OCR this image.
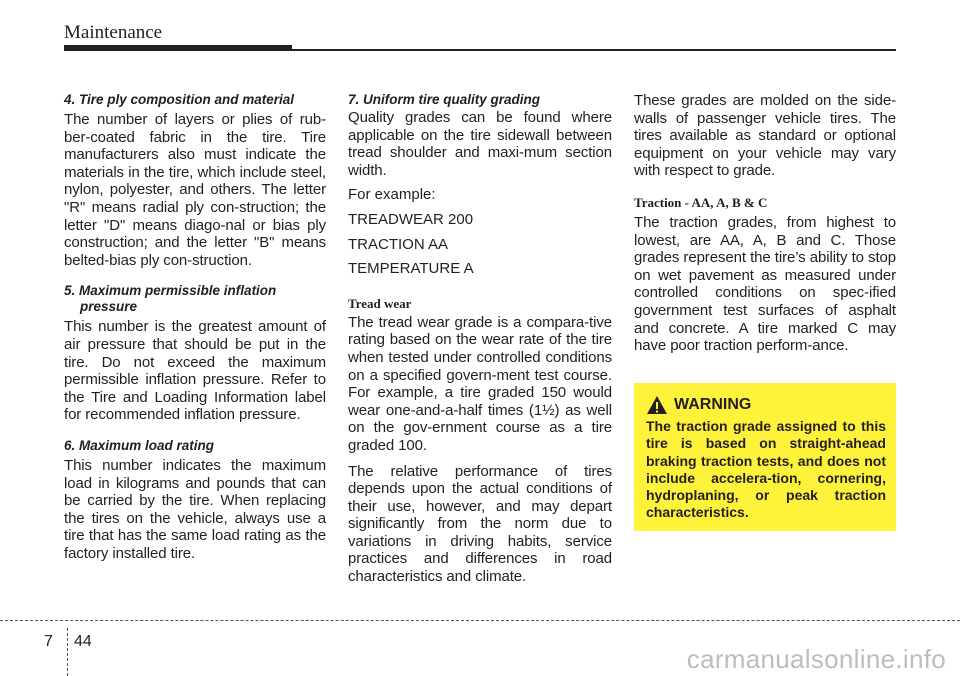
Maintenance
4. Tire ply composition and material

The number of layers or plies of rub-ber-coated fabric in the tire. Tire manufacturers also must indicate the materials in the tire, which include steel, nylon, polyester, and others. The letter "R" means radial ply con-struction; the letter "D" means diago-nal or bias ply construction; and the letter "B" means belted-bias ply con-struction.

5. Maximum permissible inflation
pressure

This number is the greatest amount of air pressure that should be put in the tire. Do not exceed the maximum permissible inflation pressure. Refer to the Tire and Loading Information label for recommended inflation pressure.

6. Maximum load rating

This number indicates the maximum load in kilograms and pounds that can be carried by the tire. When replacing the tires on the vehicle, always use a tire that has the same load rating as the factory installed tire.

7. Uniform tire quality grading

Quality grades can be found where applicable on the tire sidewall between tread shoulder and maxi-mum section width.

For example:
TREADWEAR 200
TRACTION AA
TEMPERATURE A
Tread wear

The tread wear grade is a compara-tive rating based on the wear rate of the tire when tested under controlled conditions on a specified govern-ment test course. For example, a tire graded 150 would wear one-and-a-half times (1½) as well on the gov-ernment course as a tire graded 100.

The relative performance of tires depends upon the actual conditions of their use, however, and may depart significantly from the norm due to variations in driving habits, service practices and differences in road characteristics and climate.

These grades are molded on the side-walls of passenger vehicle tires. The tires available as standard or optional equipment on your vehicle may vary with respect to grade.

Traction - AA, A, B & C

The traction grades, from highest to lowest, are AA, A, B and C. Those grades represent the tire’s ability to stop on wet pavement as measured under controlled conditions on spec-ified government test surfaces of asphalt and concrete. A tire marked C may have poor traction perform-ance.

WARNING

The traction grade assigned to this tire is based on straight-ahead braking traction tests, and does not include accelera-tion, cornering, hydroplaning, or peak traction characteristics.

7 44
carmanualsonline.info
